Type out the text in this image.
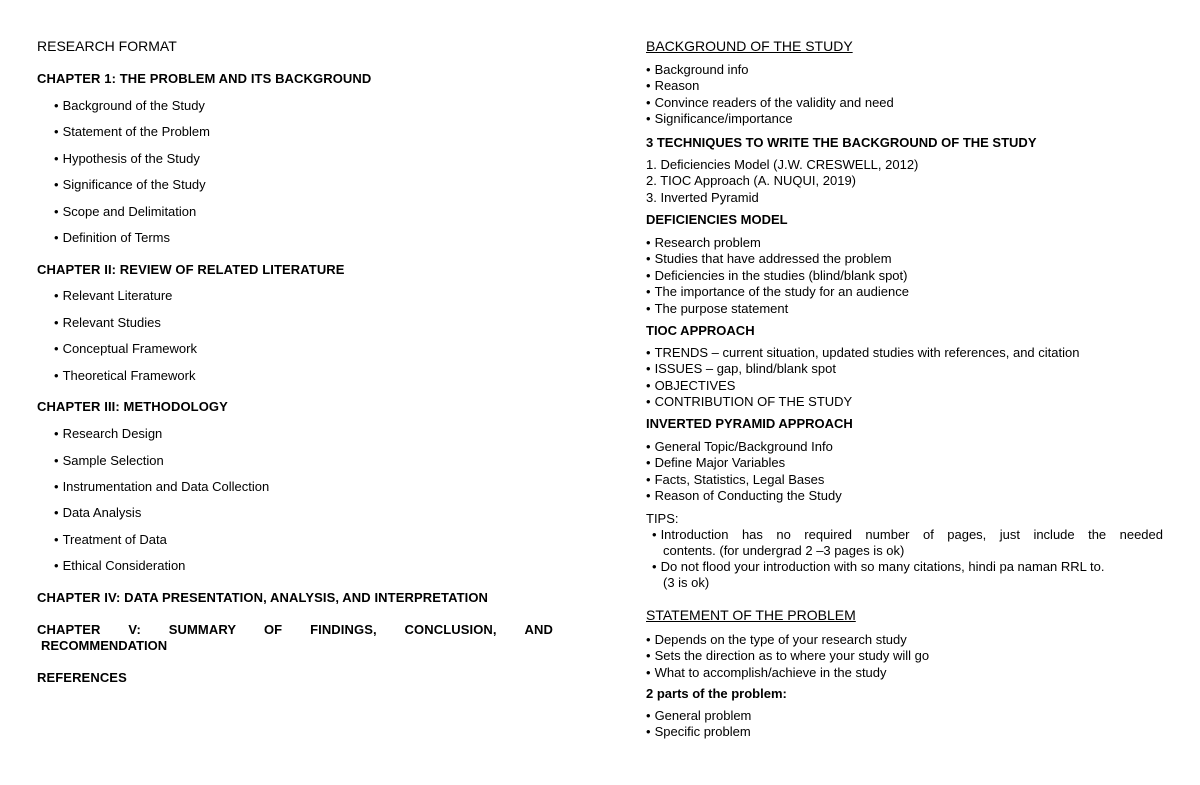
RESEARCH FORMAT
CHAPTER 1: THE PROBLEM AND ITS BACKGROUND
• Background of the Study
• Statement of the Problem
• Hypothesis of the Study
• Significance of the Study
• Scope and Delimitation
• Definition of Terms
CHAPTER II: REVIEW OF RELATED LITERATURE
• Relevant Literature
• Relevant Studies
• Conceptual Framework
• Theoretical Framework
CHAPTER III: METHODOLOGY
• Research Design
• Sample Selection
• Instrumentation and Data Collection
• Data Analysis
• Treatment of Data
• Ethical Consideration
CHAPTER IV: DATA PRESENTATION, ANALYSIS, AND INTERPRETATION
CHAPTER V: SUMMARY OF FINDINGS, CONCLUSION, AND
RECOMMENDATION
REFERENCES
BACKGROUND OF THE STUDY
• Background info
• Reason
• Convince readers of the validity and need
• Significance/importance
3 TECHNIQUES TO WRITE THE BACKGROUND OF THE STUDY
1. Deficiencies Model (J.W. CRESWELL, 2012)
2. TIOC Approach (A. NUQUI, 2019)
3. Inverted Pyramid
DEFICIENCIES MODEL
• Research problem
• Studies that have addressed the problem
• Deficiencies in the studies (blind/blank spot)
• The importance of the study for an audience
• The purpose statement
TIOC APPROACH
• TRENDS – current situation, updated studies with references, and citation
• ISSUES – gap, blind/blank spot
• OBJECTIVES
• CONTRIBUTION OF THE STUDY
INVERTED PYRAMID APPROACH
• General Topic/Background Info
• Define Major Variables
• Facts, Statistics, Legal Bases
• Reason of Conducting the Study
TIPS:
• Introduction has no required number of pages, just include the needed
contents. (for undergrad 2 –3 pages is ok)
• Do not flood your introduction with so many citations, hindi pa naman RRL to.
(3 is ok)
STATEMENT OF THE PROBLEM
• Depends on the type of your research study
• Sets the direction as to where your study will go
• What to accomplish/achieve in the study
2 parts of the problem:
• General problem
• Specific problem
